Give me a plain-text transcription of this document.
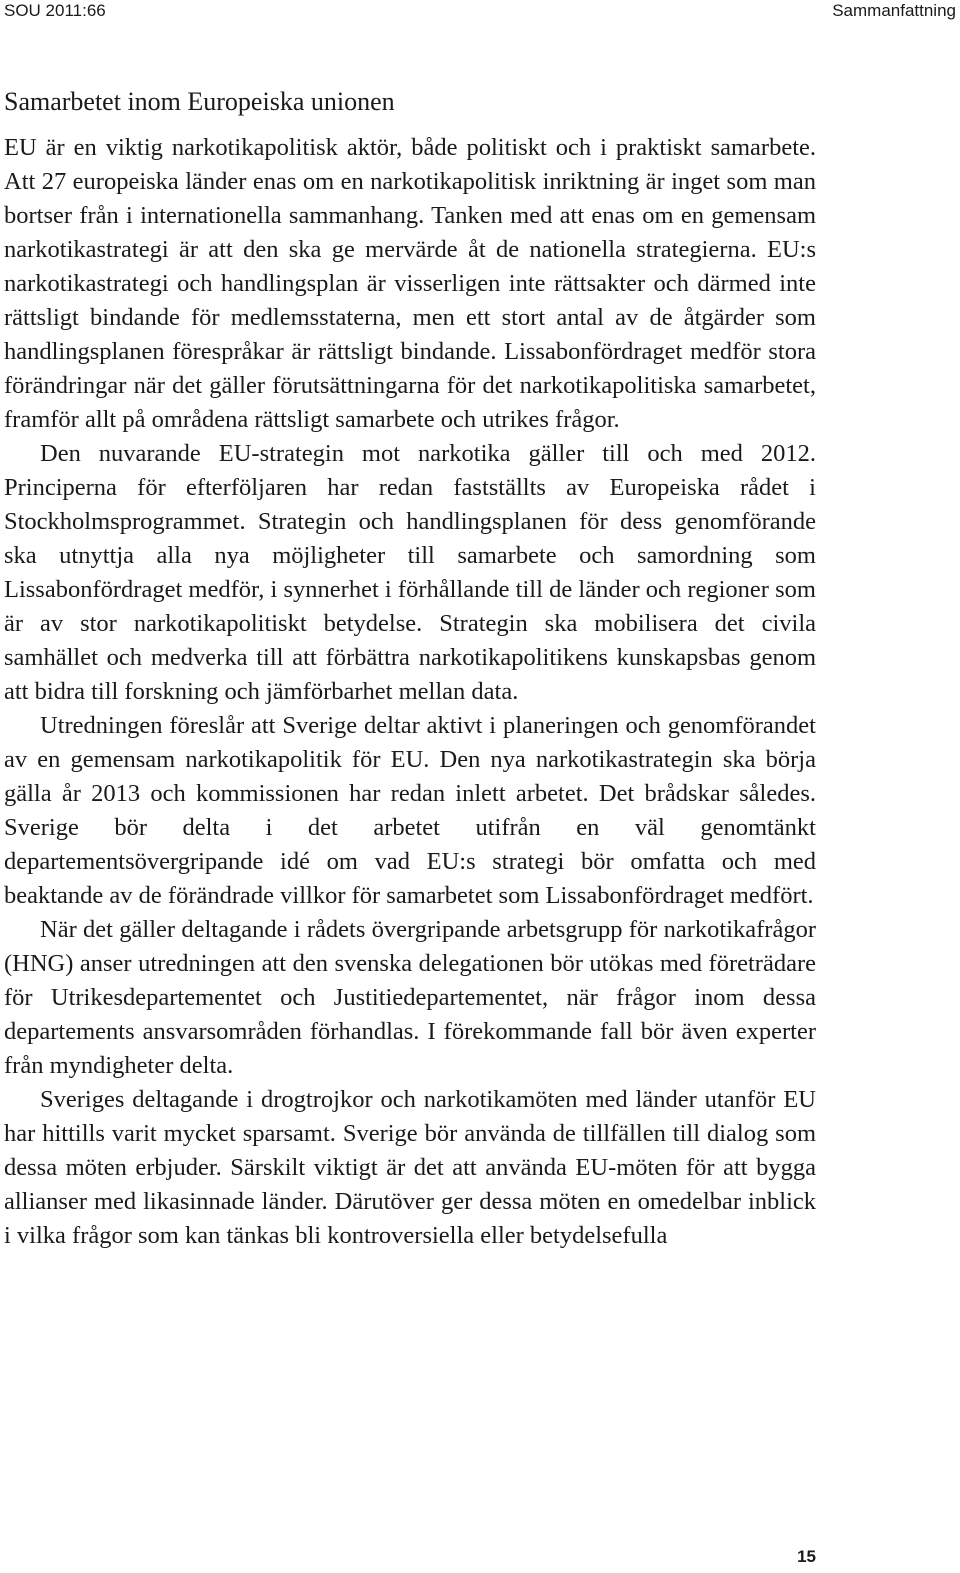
SOU 2011:66	Sammanfattning
Samarbetet inom Europeiska unionen

EU är en viktig narkotikapolitisk aktör, både politiskt och i praktiskt samarbete. Att 27 europeiska länder enas om en narkotikapolitisk inriktning är inget som man bortser från i internationella sammanhang. Tanken med att enas om en gemensam narkotikastrategi är att den ska ge mervärde åt de nationella strategierna. EU:s narkotikastrategi och handlingsplan är visserligen inte rättsakter och därmed inte rättsligt bindande för medlemsstaterna, men ett stort antal av de åtgärder som handlingsplanen förespråkar är rättsligt bindande. Lissabonfördraget medför stora förändringar när det gäller förutsättningarna för det narkotikapolitiska samarbetet, framför allt på områdena rättsligt samarbete och utrikes frågor.

Den nuvarande EU-strategin mot narkotika gäller till och med 2012. Principerna för efterföljaren har redan fastställts av Europeiska rådet i Stockholmsprogrammet. Strategin och handlingsplanen för dess genomförande ska utnyttja alla nya möjligheter till samarbete och samordning som Lissabonfördraget medför, i synnerhet i förhållande till de länder och regioner som är av stor narkotikapolitiskt betydelse. Strategin ska mobilisera det civila samhället och medverka till att förbättra narkotikapolitikens kunskapsbas genom att bidra till forskning och jämförbarhet mellan data.

Utredningen föreslår att Sverige deltar aktivt i planeringen och genomförandet av en gemensam narkotikapolitik för EU. Den nya narkotikastrategin ska börja gälla år 2013 och kommissionen har redan inlett arbetet. Det brådskar således. Sverige bör delta i det arbetet utifrån en väl genomtänkt departementsövergripande idé om vad EU:s strategi bör omfatta och med beaktande av de förändrade villkor för samarbetet som Lissabonfördraget medfört.

När det gäller deltagande i rådets övergripande arbetsgrupp för narkotikafrågor (HNG) anser utredningen att den svenska delegationen bör utökas med företrädare för Utrikesdepartementet och Justitiedepartementet, när frågor inom dessa departements ansvarsområden förhandlas. I förekommande fall bör även experter från myndigheter delta.

Sveriges deltagande i drogtrojkor och narkotikamöten med länder utanför EU har hittills varit mycket sparsamt. Sverige bör använda de tillfällen till dialog som dessa möten erbjuder. Särskilt viktigt är det att använda EU-möten för att bygga allianser med likasinnade länder. Därutöver ger dessa möten en omedelbar inblick i vilka frågor som kan tänkas bli kontroversiella eller betydelsefulla

15
